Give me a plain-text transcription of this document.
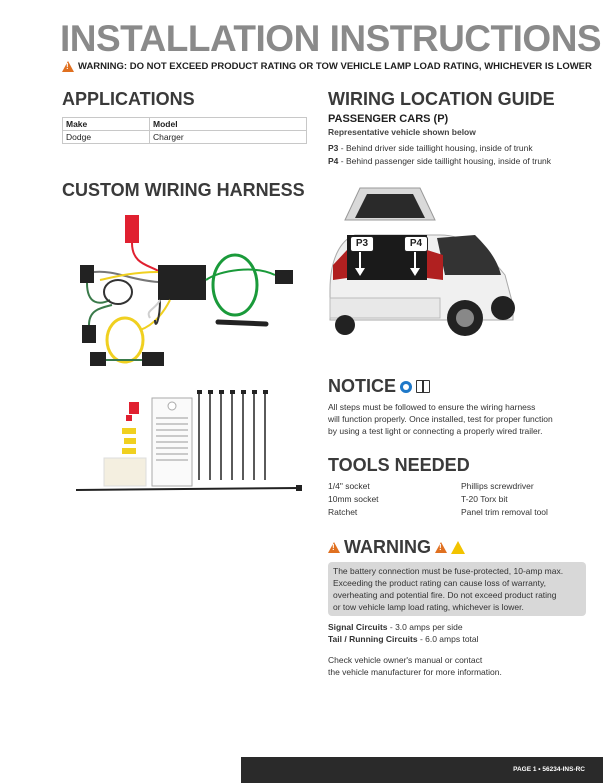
INSTALLATION INSTRUCTIONS
!
WARNING: DO NOT EXCEED PRODUCT RATING OR TOW VEHICLE LAMP LOAD RATING, WHICHEVER IS LOWER
APPLICATIONS
Make	Model
Dodge	Charger
CUSTOM WIRING HARNESS
WIRING LOCATION GUIDE
PASSENGER CARS (P)
Representative vehicle shown below
P3 - Behind driver side taillight housing, inside of trunk
P4 - Behind passenger side taillight housing, inside of trunk
P3	P4
NOTICE
All steps must be followed to ensure the wiring harness
will function properly. Once installed, test for proper function
by using a test light or connecting a properly wired trailer.
TOOLS NEEDED
1/4" socket
10mm socket
Ratchet
Phillips screwdriver
T-20 Torx bit
Panel trim removal tool
!
WARNING
!
The battery connection must be fuse-protected, 10-amp max.
Exceeding the product rating can cause loss of warranty,
overheating and potential fire. Do not exceed product rating
or tow vehicle lamp load rating, whichever is lower.
Signal Circuits - 3.0 amps per side
Tail / Running Circuits - 6.0 amps total
Check vehicle owner's manual or contact
the vehicle manufacturer for more information.
PAGE 1 • 56234-INS-RC
